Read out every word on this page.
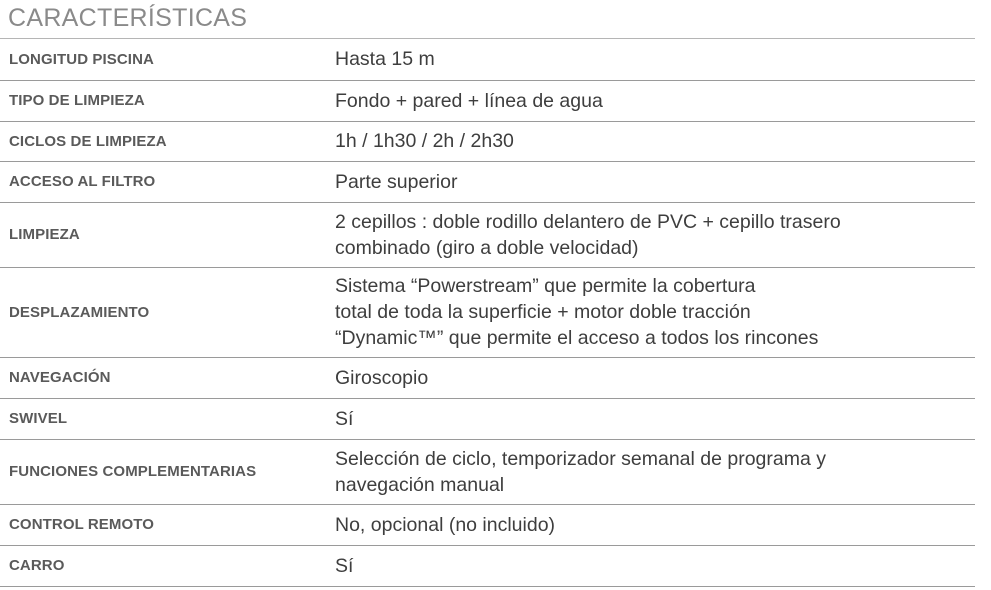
CARACTERÍSTICAS
LONGITUD PISCINA	Hasta 15 m
TIPO DE LIMPIEZA	Fondo + pared + línea de agua
CICLOS DE LIMPIEZA	1h / 1h30 / 2h / 2h30
ACCESO AL FILTRO	Parte superior
LIMPIEZA	2 cepillos : doble rodillo delantero de PVC + cepillo trasero
combinado (giro a doble velocidad)
DESPLAZAMIENTO	Sistema “Powerstream” que permite la cobertura
total de toda la superficie + motor doble tracción
“Dynamic™” que permite el acceso a todos los rincones
NAVEGACIÓN	Giroscopio
SWIVEL	Sí
FUNCIONES COMPLEMENTARIAS	Selección de ciclo, temporizador semanal de programa y
navegación manual
CONTROL REMOTO	No, opcional (no incluido)
CARRO	Sí
